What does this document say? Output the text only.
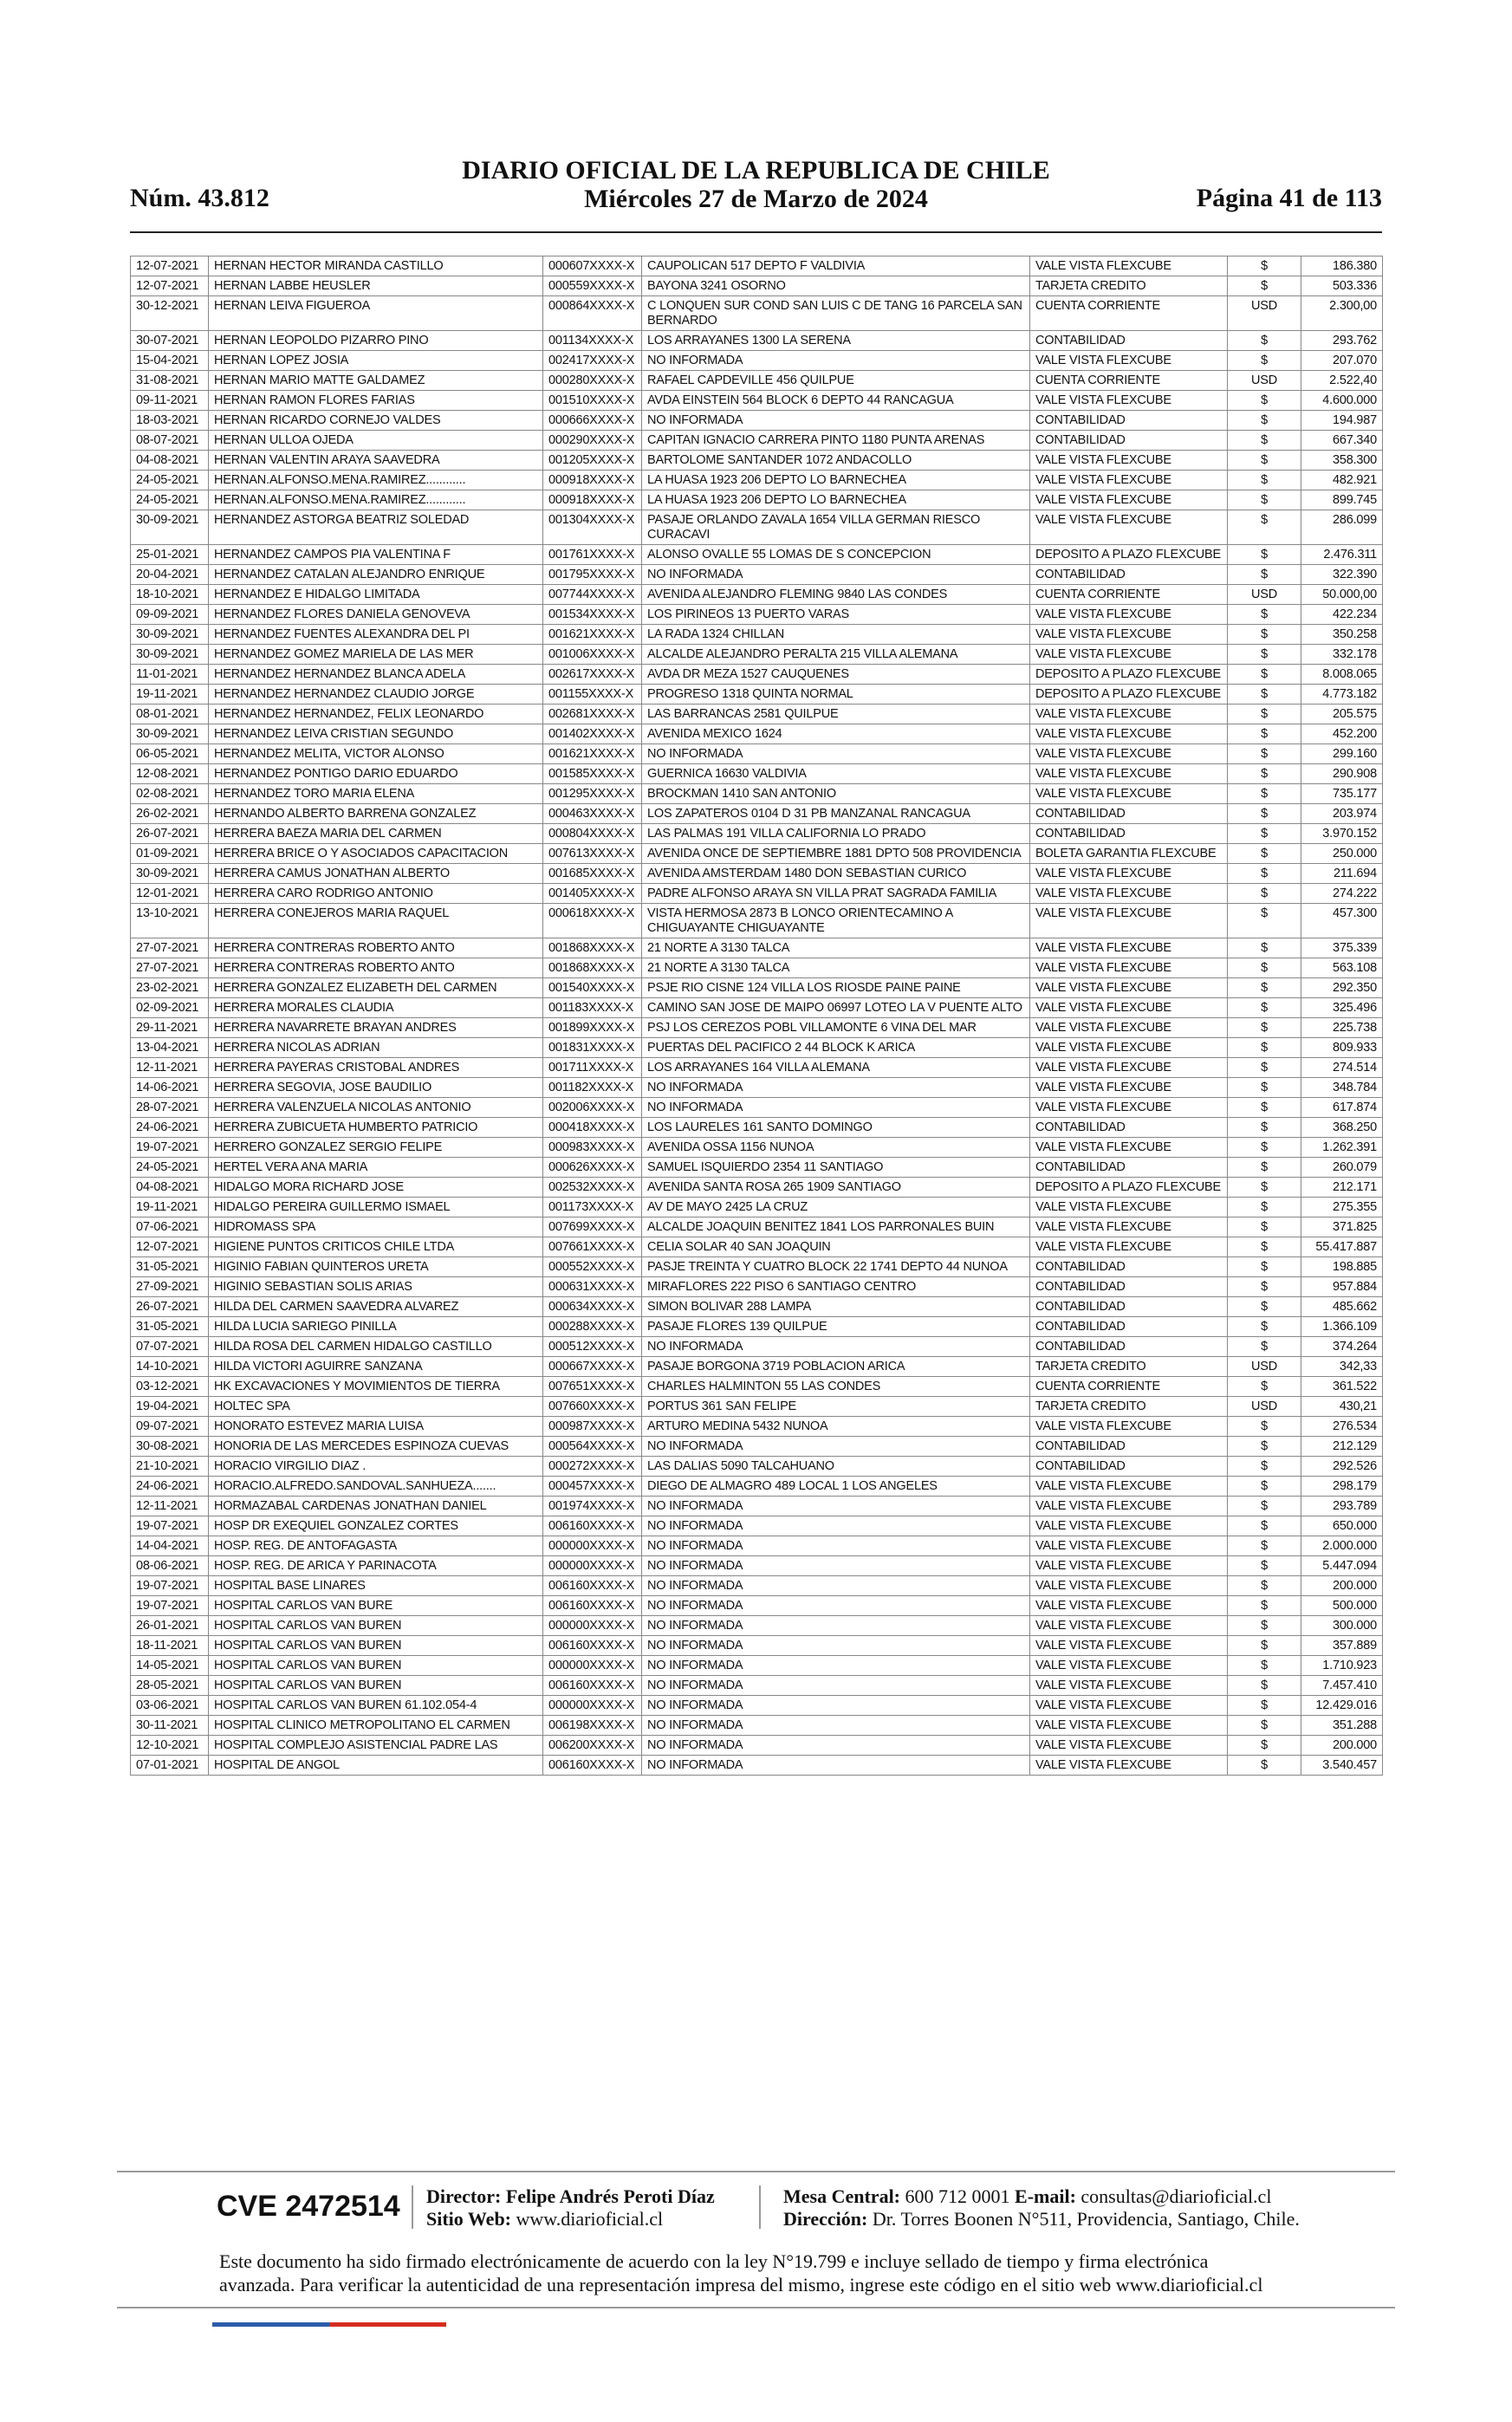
Núm. 43.812
DIARIO OFICIAL DE LA REPUBLICA DE CHILE
Miércoles 27 de Marzo de 2024	Página 41 de 113
12-07-2021	HERNAN HECTOR MIRANDA CASTILLO	000607XXXX-X	CAUPOLICAN 517 DEPTO F VALDIVIA	VALE VISTA FLEXCUBE	$	186.380
12-07-2021	HERNAN LABBE HEUSLER	000559XXXX-X	BAYONA 3241 OSORNO	TARJETA CREDITO	$	503.336
30-12-2021	HERNAN LEIVA FIGUEROA	000864XXXX-X	C LONQUEN SUR COND SAN LUIS C DE TANG 16 PARCELA SAN BERNARDO	CUENTA CORRIENTE	USD	2.300,00
30-07-2021	HERNAN LEOPOLDO PIZARRO PINO	001134XXXX-X	LOS ARRAYANES 1300 LA SERENA	CONTABILIDAD	$	293.762
15-04-2021	HERNAN LOPEZ JOSIA	002417XXXX-X	NO INFORMADA	VALE VISTA FLEXCUBE	$	207.070
31-08-2021	HERNAN MARIO MATTE GALDAMEZ	000280XXXX-X	RAFAEL CAPDEVILLE 456 QUILPUE	CUENTA CORRIENTE	USD	2.522,40
09-11-2021	HERNAN RAMON FLORES FARIAS	001510XXXX-X	AVDA EINSTEIN 564 BLOCK 6 DEPTO 44 RANCAGUA	VALE VISTA FLEXCUBE	$	4.600.000
18-03-2021	HERNAN RICARDO CORNEJO VALDES	000666XXXX-X	NO INFORMADA	CONTABILIDAD	$	194.987
08-07-2021	HERNAN ULLOA OJEDA	000290XXXX-X	CAPITAN IGNACIO CARRERA PINTO 1180 PUNTA ARENAS	CONTABILIDAD	$	667.340
04-08-2021	HERNAN VALENTIN ARAYA SAAVEDRA	001205XXXX-X	BARTOLOME SANTANDER 1072 ANDACOLLO	VALE VISTA FLEXCUBE	$	358.300
24-05-2021	HERNAN.ALFONSO.MENA.RAMIREZ............	000918XXXX-X	LA HUASA 1923 206 DEPTO LO BARNECHEA	VALE VISTA FLEXCUBE	$	482.921
24-05-2021	HERNAN.ALFONSO.MENA.RAMIREZ............	000918XXXX-X	LA HUASA 1923 206 DEPTO LO BARNECHEA	VALE VISTA FLEXCUBE	$	899.745
30-09-2021	HERNANDEZ ASTORGA BEATRIZ SOLEDAD	001304XXXX-X	PASAJE ORLANDO ZAVALA 1654 VILLA GERMAN RIESCO CURACAVI	VALE VISTA FLEXCUBE	$	286.099
25-01-2021	HERNANDEZ CAMPOS PIA VALENTINA F	001761XXXX-X	ALONSO OVALLE 55 LOMAS DE S CONCEPCION	DEPOSITO A PLAZO FLEXCUBE	$	2.476.311
20-04-2021	HERNANDEZ CATALAN ALEJANDRO ENRIQUE	001795XXXX-X	NO INFORMADA	CONTABILIDAD	$	322.390
18-10-2021	HERNANDEZ E HIDALGO LIMITADA	007744XXXX-X	AVENIDA ALEJANDRO FLEMING 9840 LAS CONDES	CUENTA CORRIENTE	USD	50.000,00
09-09-2021	HERNANDEZ FLORES DANIELA GENOVEVA	001534XXXX-X	LOS PIRINEOS 13 PUERTO VARAS	VALE VISTA FLEXCUBE	$	422.234
30-09-2021	HERNANDEZ FUENTES ALEXANDRA DEL PI	001621XXXX-X	LA RADA 1324 CHILLAN	VALE VISTA FLEXCUBE	$	350.258
30-09-2021	HERNANDEZ GOMEZ MARIELA DE LAS MER	001006XXXX-X	ALCALDE ALEJANDRO PERALTA 215 VILLA ALEMANA	VALE VISTA FLEXCUBE	$	332.178
11-01-2021	HERNANDEZ HERNANDEZ BLANCA ADELA	002617XXXX-X	AVDA DR MEZA 1527 CAUQUENES	DEPOSITO A PLAZO FLEXCUBE	$	8.008.065
19-11-2021	HERNANDEZ HERNANDEZ CLAUDIO JORGE	001155XXXX-X	PROGRESO 1318 QUINTA NORMAL	DEPOSITO A PLAZO FLEXCUBE	$	4.773.182
08-01-2021	HERNANDEZ HERNANDEZ, FELIX LEONARDO	002681XXXX-X	LAS BARRANCAS 2581 QUILPUE	VALE VISTA FLEXCUBE	$	205.575
30-09-2021	HERNANDEZ LEIVA CRISTIAN SEGUNDO	001402XXXX-X	AVENIDA MEXICO 1624	VALE VISTA FLEXCUBE	$	452.200
06-05-2021	HERNANDEZ MELITA, VICTOR ALONSO	001621XXXX-X	NO INFORMADA	VALE VISTA FLEXCUBE	$	299.160
12-08-2021	HERNANDEZ PONTIGO DARIO EDUARDO	001585XXXX-X	GUERNICA 16630 VALDIVIA	VALE VISTA FLEXCUBE	$	290.908
02-08-2021	HERNANDEZ TORO MARIA ELENA	001295XXXX-X	BROCKMAN 1410 SAN ANTONIO	VALE VISTA FLEXCUBE	$	735.177
26-02-2021	HERNANDO ALBERTO BARRENA GONZALEZ	000463XXXX-X	LOS ZAPATEROS 0104 D 31 PB MANZANAL RANCAGUA	CONTABILIDAD	$	203.974
26-07-2021	HERRERA BAEZA MARIA DEL CARMEN	000804XXXX-X	LAS PALMAS 191 VILLA CALIFORNIA LO PRADO	CONTABILIDAD	$	3.970.152
01-09-2021	HERRERA BRICE O Y ASOCIADOS CAPACITACION	007613XXXX-X	AVENIDA ONCE DE SEPTIEMBRE 1881 DPTO 508 PROVIDENCIA	BOLETA GARANTIA FLEXCUBE	$	250.000
30-09-2021	HERRERA CAMUS JONATHAN ALBERTO	001685XXXX-X	AVENIDA AMSTERDAM 1480 DON SEBASTIAN CURICO	VALE VISTA FLEXCUBE	$	211.694
12-01-2021	HERRERA CARO RODRIGO ANTONIO	001405XXXX-X	PADRE ALFONSO ARAYA SN VILLA PRAT SAGRADA FAMILIA	VALE VISTA FLEXCUBE	$	274.222
13-10-2021	HERRERA CONEJEROS MARIA RAQUEL	000618XXXX-X	VISTA HERMOSA 2873 B LONCO ORIENTECAMINO A CHIGUAYANTE CHIGUAYANTE	VALE VISTA FLEXCUBE	$	457.300
27-07-2021	HERRERA CONTRERAS ROBERTO ANTO	001868XXXX-X	21 NORTE A 3130 TALCA	VALE VISTA FLEXCUBE	$	375.339
27-07-2021	HERRERA CONTRERAS ROBERTO ANTO	001868XXXX-X	21 NORTE A 3130 TALCA	VALE VISTA FLEXCUBE	$	563.108
23-02-2021	HERRERA GONZALEZ ELIZABETH DEL CARMEN	001540XXXX-X	PSJE RIO CISNE 124 VILLA LOS RIOSDE PAINE PAINE	VALE VISTA FLEXCUBE	$	292.350
02-09-2021	HERRERA MORALES CLAUDIA	001183XXXX-X	CAMINO SAN JOSE DE MAIPO 06997 LOTEO LA V PUENTE ALTO	VALE VISTA FLEXCUBE	$	325.496
29-11-2021	HERRERA NAVARRETE BRAYAN ANDRES	001899XXXX-X	PSJ LOS CEREZOS POBL VILLAMONTE 6 VINA DEL MAR	VALE VISTA FLEXCUBE	$	225.738
13-04-2021	HERRERA NICOLAS ADRIAN	001831XXXX-X	PUERTAS DEL PACIFICO 2 44 BLOCK K ARICA	VALE VISTA FLEXCUBE	$	809.933
12-11-2021	HERRERA PAYERAS CRISTOBAL ANDRES	001711XXXX-X	LOS ARRAYANES 164 VILLA ALEMANA	VALE VISTA FLEXCUBE	$	274.514
14-06-2021	HERRERA SEGOVIA, JOSE BAUDILIO	001182XXXX-X	NO INFORMADA	VALE VISTA FLEXCUBE	$	348.784
28-07-2021	HERRERA VALENZUELA NICOLAS ANTONIO	002006XXXX-X	NO INFORMADA	VALE VISTA FLEXCUBE	$	617.874
24-06-2021	HERRERA ZUBICUETA HUMBERTO PATRICIO	000418XXXX-X	LOS LAURELES 161 SANTO DOMINGO	CONTABILIDAD	$	368.250
19-07-2021	HERRERO GONZALEZ SERGIO FELIPE	000983XXXX-X	AVENIDA OSSA 1156 NUNOA	VALE VISTA FLEXCUBE	$	1.262.391
24-05-2021	HERTEL VERA ANA MARIA	000626XXXX-X	SAMUEL ISQUIERDO 2354 11 SANTIAGO	CONTABILIDAD	$	260.079
04-08-2021	HIDALGO MORA RICHARD JOSE	002532XXXX-X	AVENIDA SANTA ROSA 265 1909 SANTIAGO	DEPOSITO A PLAZO FLEXCUBE	$	212.171
19-11-2021	HIDALGO PEREIRA GUILLERMO ISMAEL	001173XXXX-X	AV DE MAYO 2425 LA CRUZ	VALE VISTA FLEXCUBE	$	275.355
07-06-2021	HIDROMASS SPA	007699XXXX-X	ALCALDE JOAQUIN BENITEZ 1841 LOS PARRONALES BUIN	VALE VISTA FLEXCUBE	$	371.825
12-07-2021	HIGIENE PUNTOS CRITICOS CHILE LTDA	007661XXXX-X	CELIA SOLAR 40 SAN JOAQUIN	VALE VISTA FLEXCUBE	$	55.417.887
31-05-2021	HIGINIO FABIAN QUINTEROS URETA	000552XXXX-X	PASJE TREINTA Y CUATRO BLOCK 22 1741 DEPTO 44 NUNOA	CONTABILIDAD	$	198.885
27-09-2021	HIGINIO SEBASTIAN SOLIS ARIAS	000631XXXX-X	MIRAFLORES 222 PISO 6 SANTIAGO CENTRO	CONTABILIDAD	$	957.884
26-07-2021	HILDA DEL CARMEN SAAVEDRA ALVAREZ	000634XXXX-X	SIMON BOLIVAR 288 LAMPA	CONTABILIDAD	$	485.662
31-05-2021	HILDA LUCIA SARIEGO PINILLA	000288XXXX-X	PASAJE FLORES 139 QUILPUE	CONTABILIDAD	$	1.366.109
07-07-2021	HILDA ROSA DEL CARMEN HIDALGO CASTILLO	000512XXXX-X	NO INFORMADA	CONTABILIDAD	$	374.264
14-10-2021	HILDA VICTORI AGUIRRE SANZANA	000667XXXX-X	PASAJE BORGONA 3719 POBLACION ARICA	TARJETA CREDITO	USD	342,33
03-12-2021	HK EXCAVACIONES Y MOVIMIENTOS DE TIERRA	007651XXXX-X	CHARLES HALMINTON 55 LAS CONDES	CUENTA CORRIENTE	$	361.522
19-04-2021	HOLTEC SPA	007660XXXX-X	PORTUS 361 SAN FELIPE	TARJETA CREDITO	USD	430,21
09-07-2021	HONORATO ESTEVEZ MARIA LUISA	000987XXXX-X	ARTURO MEDINA 5432 NUNOA	VALE VISTA FLEXCUBE	$	276.534
30-08-2021	HONORIA DE LAS MERCEDES ESPINOZA CUEVAS	000564XXXX-X	NO INFORMADA	CONTABILIDAD	$	212.129
21-10-2021	HORACIO VIRGILIO DIAZ .	000272XXXX-X	LAS DALIAS 5090 TALCAHUANO	CONTABILIDAD	$	292.526
24-06-2021	HORACIO.ALFREDO.SANDOVAL.SANHUEZA.......	000457XXXX-X	DIEGO DE ALMAGRO 489 LOCAL 1 LOS ANGELES	VALE VISTA FLEXCUBE	$	298.179
12-11-2021	HORMAZABAL CARDENAS JONATHAN DANIEL	001974XXXX-X	NO INFORMADA	VALE VISTA FLEXCUBE	$	293.789
19-07-2021	HOSP DR EXEQUIEL GONZALEZ CORTES	006160XXXX-X	NO INFORMADA	VALE VISTA FLEXCUBE	$	650.000
14-04-2021	HOSP. REG. DE ANTOFAGASTA	000000XXXX-X	NO INFORMADA	VALE VISTA FLEXCUBE	$	2.000.000
08-06-2021	HOSP. REG. DE ARICA Y PARINACOTA	000000XXXX-X	NO INFORMADA	VALE VISTA FLEXCUBE	$	5.447.094
19-07-2021	HOSPITAL BASE LINARES	006160XXXX-X	NO INFORMADA	VALE VISTA FLEXCUBE	$	200.000
19-07-2021	HOSPITAL CARLOS VAN BURE	006160XXXX-X	NO INFORMADA	VALE VISTA FLEXCUBE	$	500.000
26-01-2021	HOSPITAL CARLOS VAN BUREN	000000XXXX-X	NO INFORMADA	VALE VISTA FLEXCUBE	$	300.000
18-11-2021	HOSPITAL CARLOS VAN BUREN	006160XXXX-X	NO INFORMADA	VALE VISTA FLEXCUBE	$	357.889
14-05-2021	HOSPITAL CARLOS VAN BUREN	000000XXXX-X	NO INFORMADA	VALE VISTA FLEXCUBE	$	1.710.923
28-05-2021	HOSPITAL CARLOS VAN BUREN	006160XXXX-X	NO INFORMADA	VALE VISTA FLEXCUBE	$	7.457.410
03-06-2021	HOSPITAL CARLOS VAN BUREN 61.102.054-4	000000XXXX-X	NO INFORMADA	VALE VISTA FLEXCUBE	$	12.429.016
30-11-2021	HOSPITAL CLINICO METROPOLITANO EL CARMEN	006198XXXX-X	NO INFORMADA	VALE VISTA FLEXCUBE	$	351.288
12-10-2021	HOSPITAL COMPLEJO ASISTENCIAL PADRE LAS	006200XXXX-X	NO INFORMADA	VALE VISTA FLEXCUBE	$	200.000
07-01-2021	HOSPITAL DE ANGOL	006160XXXX-X	NO INFORMADA	VALE VISTA FLEXCUBE	$	3.540.457
CVE 2472514 Director: Felipe Andrés Peroti Díaz
Sitio Web: www.diarioficial.cl
Mesa Central: 600 712 0001 E-mail: consultas@diarioficial.cl
Dirección: Dr. Torres Boonen N°511, Providencia, Santiago, Chile.
Este documento ha sido firmado electrónicamente de acuerdo con la ley N°19.799 e incluye sellado de tiempo y firma electrónica
avanzada. Para verificar la autenticidad de una representación impresa del mismo, ingrese este código en el sitio web www.diarioficial.cl
